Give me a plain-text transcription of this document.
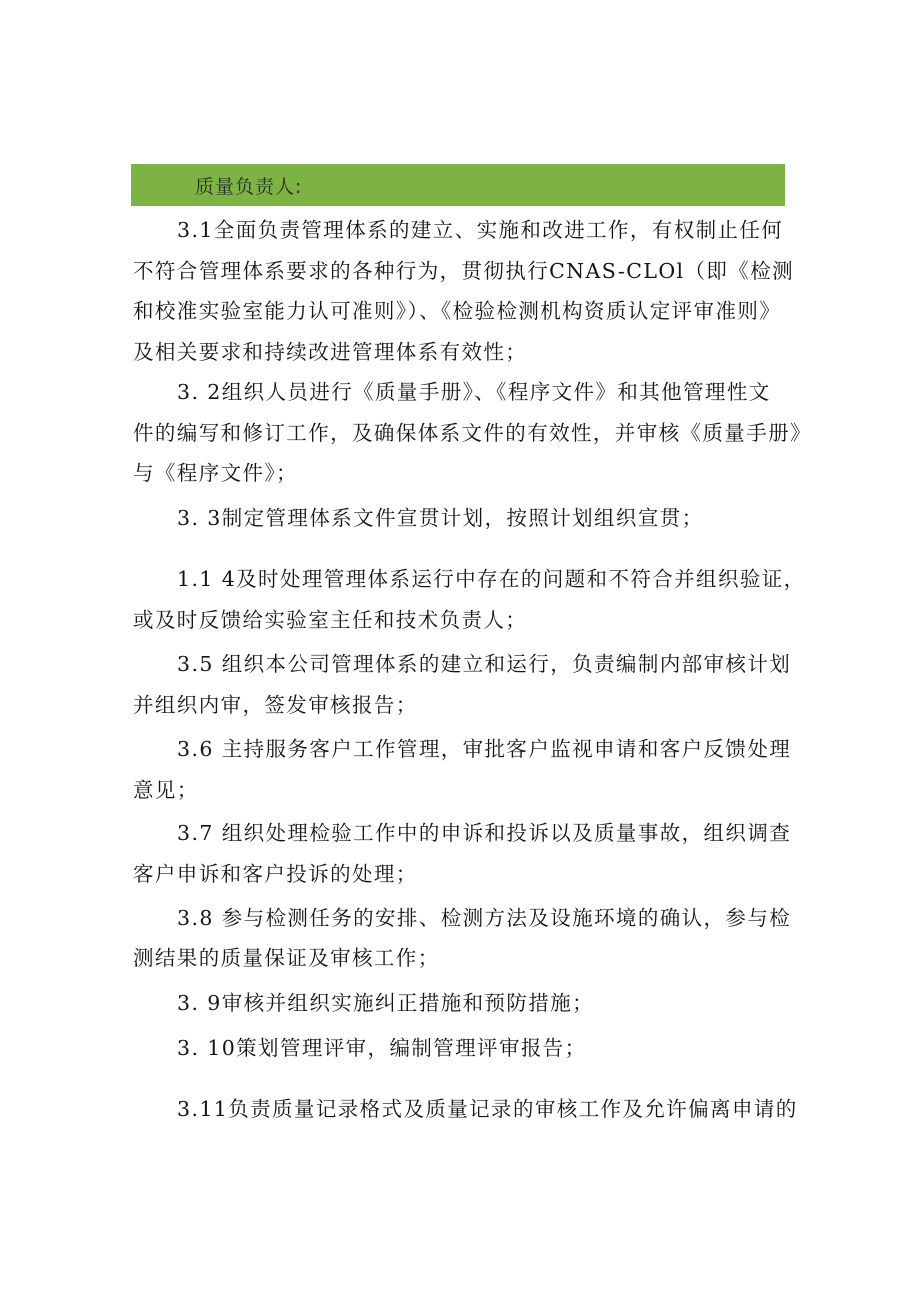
质量负责人:
3.1全面负责管理体系的建立、实施和改进工作，有权制止任何
不符合管理体系要求的各种行为，贯彻执行CNAS-CLOl（即《检测
和校准实验室能力认可准则》）、《检验检测机构资质认定评审准则》
及相关要求和持续改进管理体系有效性；
3. 2组织人员进行《质量手册》、《程序文件》和其他管理性文
件的编写和修订工作，及确保体系文件的有效性，并审核《质量手册》
与《程序文件》；
3. 3制定管理体系文件宣贯计划，按照计划组织宣贯；
1.1 4及时处理管理体系运行中存在的问题和不符合并组织验证，
或及时反馈给实验室主任和技术负责人；
3.5 组织本公司管理体系的建立和运行，负责编制内部审核计划
并组织内审，签发审核报告；
3.6 主持服务客户工作管理，审批客户监视申请和客户反馈处理
意见；
3.7 组织处理检验工作中的申诉和投诉以及质量事故，组织调查
客户申诉和客户投诉的处理；
3.8 参与检测任务的安排、检测方法及设施环境的确认，参与检
测结果的质量保证及审核工作；
3. 9审核并组织实施纠正措施和预防措施；
3. 10策划管理评审，编制管理评审报告；
3.11负责质量记录格式及质量记录的审核工作及允许偏离申请的
